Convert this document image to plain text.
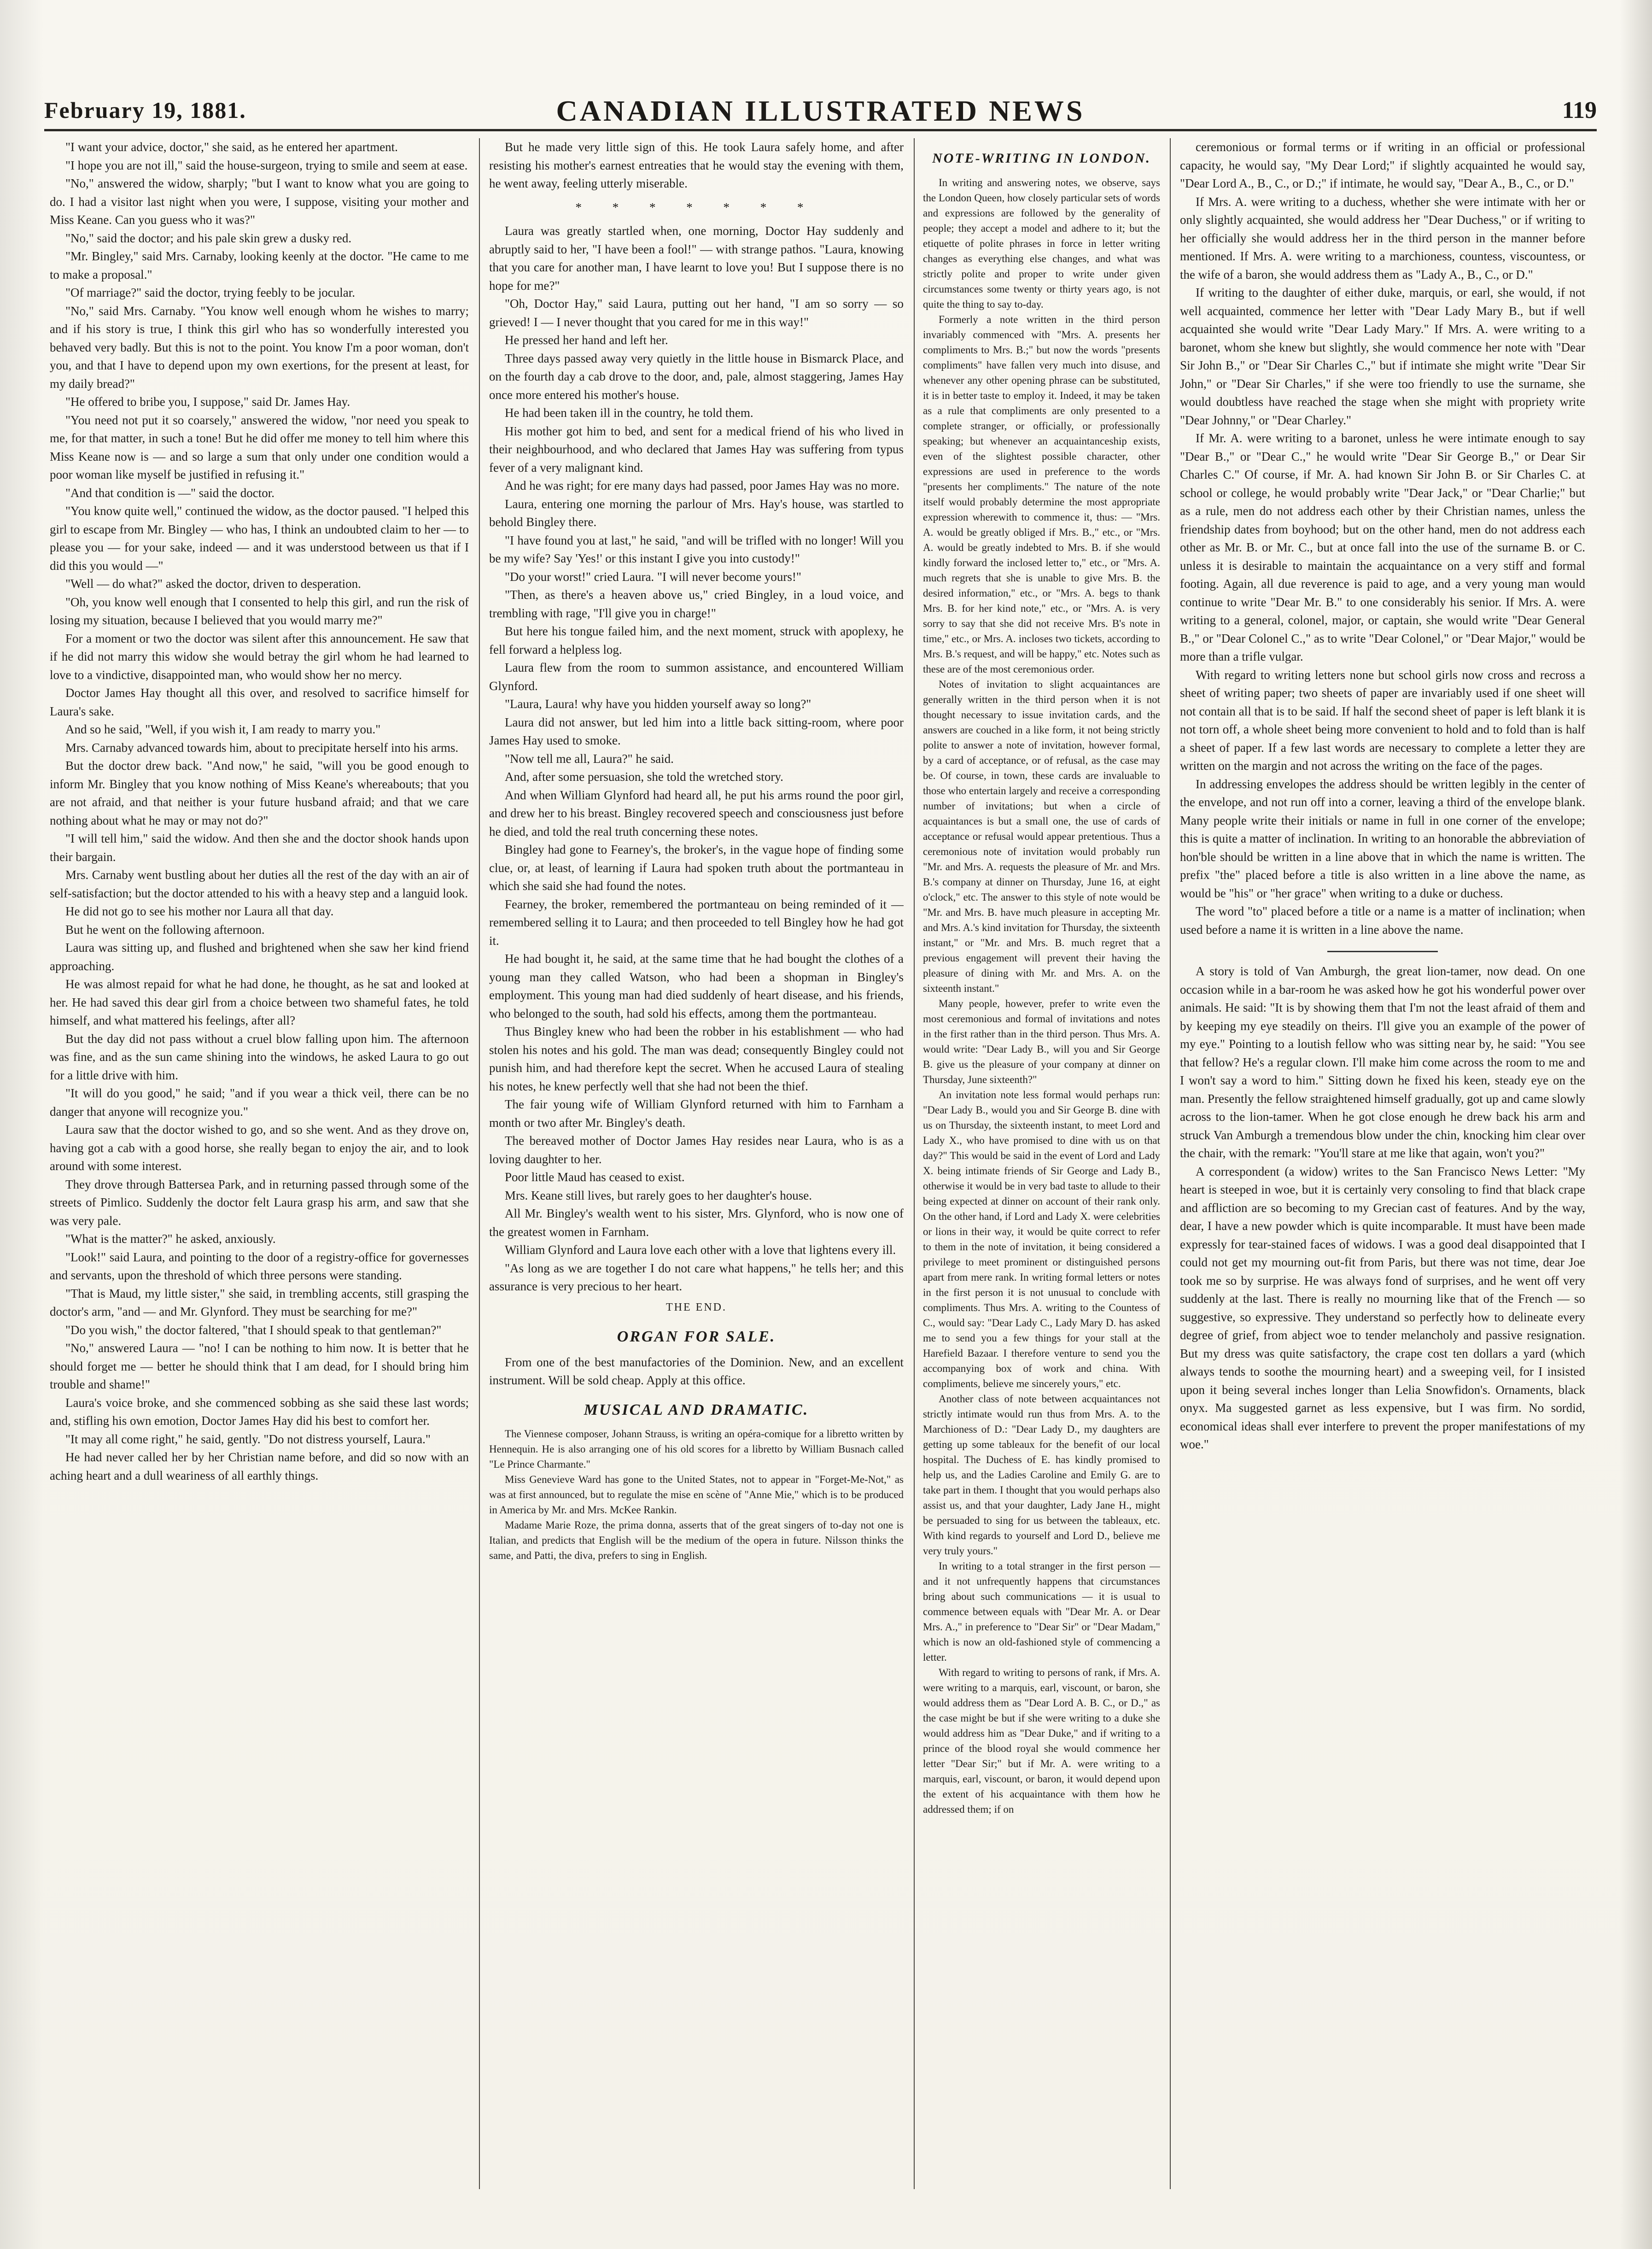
February 19, 1881.	CANADIAN ILLUSTRATED NEWS	119

"I want your advice, doctor," she said, as he entered her apartment.

"I hope you are not ill," said the house-surgeon, trying to smile and seem at ease.

"No," answered the widow, sharply; "but I want to know what you are going to do. I had a visitor last night when you were, I suppose, visiting your mother and Miss Keane. Can you guess who it was?"

"No," said the doctor; and his pale skin grew a dusky red.

"Mr. Bingley," said Mrs. Carnaby, looking keenly at the doctor. "He came to me to make a proposal."

"Of marriage?" said the doctor, trying feebly to be jocular.

"No," said Mrs. Carnaby. "You know well enough whom he wishes to marry; and if his story is true, I think this girl who has so wonderfully interested you behaved very badly. But this is not to the point. You know I'm a poor woman, don't you, and that I have to depend upon my own exertions, for the present at least, for my daily bread?"

"He offered to bribe you, I suppose," said Dr. James Hay.

"You need not put it so coarsely," answered the widow, "nor need you speak to me, for that matter, in such a tone! But he did offer me money to tell him where this Miss Keane now is — and so large a sum that only under one condition would a poor woman like myself be justified in refusing it."

"And that condition is —" said the doctor.

"You know quite well," continued the widow, as the doctor paused. "I helped this girl to escape from Mr. Bingley — who has, I think an undoubted claim to her — to please you — for your sake, indeed — and it was understood between us that if I did this you would —"

"Well — do what?" asked the doctor, driven to desperation.

"Oh, you know well enough that I consented to help this girl, and run the risk of losing my situation, because I believed that you would marry me?"

For a moment or two the doctor was silent after this announcement. He saw that if he did not marry this widow she would betray the girl whom he had learned to love to a vindictive, disappointed man, who would show her no mercy.

Doctor James Hay thought all this over, and resolved to sacrifice himself for Laura's sake.

And so he said, "Well, if you wish it, I am ready to marry you."

Mrs. Carnaby advanced towards him, about to precipitate herself into his arms.

But the doctor drew back. "And now," he said, "will you be good enough to inform Mr. Bingley that you know nothing of Miss Keane's whereabouts; that you are not afraid, and that neither is your future husband afraid; and that we care nothing about what he may or may not do?"

"I will tell him," said the widow. And then she and the doctor shook hands upon their bargain.

Mrs. Carnaby went bustling about her duties all the rest of the day with an air of self-satisfaction; but the doctor attended to his with a heavy step and a languid look.

He did not go to see his mother nor Laura all that day.

But he went on the following afternoon.

Laura was sitting up, and flushed and brightened when she saw her kind friend approaching.

He was almost repaid for what he had done, he thought, as he sat and looked at her. He had saved this dear girl from a choice between two shameful fates, he told himself, and what mattered his feelings, after all?

But the day did not pass without a cruel blow falling upon him. The afternoon was fine, and as the sun came shining into the windows, he asked Laura to go out for a little drive with him.

"It will do you good," he said; "and if you wear a thick veil, there can be no danger that anyone will recognize you."

Laura saw that the doctor wished to go, and so she went. And as they drove on, having got a cab with a good horse, she really began to enjoy the air, and to look around with some interest.

They drove through Battersea Park, and in returning passed through some of the streets of Pimlico. Suddenly the doctor felt Laura grasp his arm, and saw that she was very pale.

"What is the matter?" he asked, anxiously.

"Look!" said Laura, and pointing to the door of a registry-office for governesses and servants, upon the threshold of which three persons were standing.

"That is Maud, my little sister," she said, in trembling accents, still grasping the doctor's arm, "and — and Mr. Glynford. They must be searching for me?"

"Do you wish," the doctor faltered, "that I should speak to that gentleman?"

"No," answered Laura — "no! I can be nothing to him now. It is better that he should forget me — better he should think that I am dead, for I should bring him trouble and shame!"

Laura's voice broke, and she commenced sobbing as she said these last words; and, stifling his own emotion, Doctor James Hay did his best to comfort her.

"It may all come right," he said, gently. "Do not distress yourself, Laura."

He had never called her by her Christian name before, and did so now with an aching heart and a dull weariness of all earthly things.

But he made very little sign of this. He took Laura safely home, and after resisting his mother's earnest entreaties that he would stay the evening with them, he went away, feeling utterly miserable.

* * * * * * *

Laura was greatly startled when, one morning, Doctor Hay suddenly and abruptly said to her, "I have been a fool!" — with strange pathos. "Laura, knowing that you care for another man, I have learnt to love you! But I suppose there is no hope for me?"

"Oh, Doctor Hay," said Laura, putting out her hand, "I am so sorry — so grieved! I — I never thought that you cared for me in this way!"

He pressed her hand and left her.

Three days passed away very quietly in the little house in Bismarck Place, and on the fourth day a cab drove to the door, and, pale, almost staggering, James Hay once more entered his mother's house.

He had been taken ill in the country, he told them.

His mother got him to bed, and sent for a medical friend of his who lived in their neighbourhood, and who declared that James Hay was suffering from typus fever of a very malignant kind.

And he was right; for ere many days had passed, poor James Hay was no more.

Laura, entering one morning the parlour of Mrs. Hay's house, was startled to behold Bingley there.

"I have found you at last," he said, "and will be trifled with no longer! Will you be my wife? Say 'Yes!' or this instant I give you into custody!"

"Do your worst!" cried Laura. "I will never become yours!"

"Then, as there's a heaven above us," cried Bingley, in a loud voice, and trembling with rage, "I'll give you in charge!"

But here his tongue failed him, and the next moment, struck with apoplexy, he fell forward a helpless log.

Laura flew from the room to summon assistance, and encountered William Glynford.

"Laura, Laura! why have you hidden yourself away so long?"

Laura did not answer, but led him into a little back sitting-room, where poor James Hay used to smoke.

"Now tell me all, Laura?" he said.

And, after some persuasion, she told the wretched story.

And when William Glynford had heard all, he put his arms round the poor girl, and drew her to his breast. Bingley recovered speech and consciousness just before he died, and told the real truth concerning these notes.

Bingley had gone to Fearney's, the broker's, in the vague hope of finding some clue, or, at least, of learning if Laura had spoken truth about the portmanteau in which she said she had found the notes.

Fearney, the broker, remembered the portmanteau on being reminded of it — remembered selling it to Laura; and then proceeded to tell Bingley how he had got it.

He had bought it, he said, at the same time that he had bought the clothes of a young man they called Watson, who had been a shopman in Bingley's employment. This young man had died suddenly of heart disease, and his friends, who belonged to the south, had sold his effects, among them the portmanteau.

Thus Bingley knew who had been the robber in his establishment — who had stolen his notes and his gold. The man was dead; consequently Bingley could not punish him, and had therefore kept the secret. When he accused Laura of stealing his notes, he knew perfectly well that she had not been the thief.

The fair young wife of William Glynford returned with him to Farnham a month or two after Mr. Bingley's death.

The bereaved mother of Doctor James Hay resides near Laura, who is as a loving daughter to her.

Poor little Maud has ceased to exist.

Mrs. Keane still lives, but rarely goes to her daughter's house.

All Mr. Bingley's wealth went to his sister, Mrs. Glynford, who is now one of the greatest women in Farnham.

William Glynford and Laura love each other with a love that lightens every ill.

"As long as we are together I do not care what happens," he tells her; and this assurance is very precious to her heart.

THE END.
ORGAN FOR SALE.

From one of the best manufactories of the Dominion. New, and an excellent instrument. Will be sold cheap. Apply at this office.

MUSICAL AND DRAMATIC.

The Viennese composer, Johann Strauss, is writing an opéra-comique for a libretto written by Hennequin. He is also arranging one of his old scores for a libretto by William Busnach called "Le Prince Charmante."

Miss Genevieve Ward has gone to the United States, not to appear in "Forget-Me-Not," as was at first announced, but to regulate the mise en scène of "Anne Mie," which is to be produced in America by Mr. and Mrs. McKee Rankin.

Madame Marie Roze, the prima donna, asserts that of the great singers of to-day not one is Italian, and predicts that English will be the medium of the opera in future. Nilsson thinks the same, and Patti, the diva, prefers to sing in English.

NOTE-WRITING IN LONDON.

In writing and answering notes, we observe, says the London Queen, how closely particular sets of words and expressions are followed by the generality of people; they accept a model and adhere to it; but the etiquette of polite phrases in force in letter writing changes as everything else changes, and what was strictly polite and proper to write under given circumstances some twenty or thirty years ago, is not quite the thing to say to-day.

Formerly a note written in the third person invariably commenced with "Mrs. A. presents her compliments to Mrs. B.;" but now the words "presents compliments" have fallen very much into disuse, and whenever any other opening phrase can be substituted, it is in better taste to employ it. Indeed, it may be taken as a rule that compliments are only presented to a complete stranger, or officially, or professionally speaking; but whenever an acquaintanceship exists, even of the slightest possible character, other expressions are used in preference to the words "presents her compliments." The nature of the note itself would probably determine the most appropriate expression wherewith to commence it, thus: — "Mrs. A. would be greatly obliged if Mrs. B.," etc., or "Mrs. A. would be greatly indebted to Mrs. B. if she would kindly forward the inclosed letter to," etc., or "Mrs. A. much regrets that she is unable to give Mrs. B. the desired information," etc., or "Mrs. A. begs to thank Mrs. B. for her kind note," etc., or "Mrs. A. is very sorry to say that she did not receive Mrs. B's note in time," etc., or Mrs. A. incloses two tickets, according to Mrs. B.'s request, and will be happy," etc. Notes such as these are of the most ceremonious order.

Notes of invitation to slight acquaintances are generally written in the third person when it is not thought necessary to issue invitation cards, and the answers are couched in a like form, it not being strictly polite to answer a note of invitation, however formal, by a card of acceptance, or of refusal, as the case may be. Of course, in town, these cards are invaluable to those who entertain largely and receive a corresponding number of invitations; but when a circle of acquaintances is but a small one, the use of cards of acceptance or refusal would appear pretentious. Thus a ceremonious note of invitation would probably run "Mr. and Mrs. A. requests the pleasure of Mr. and Mrs. B.'s company at dinner on Thursday, June 16, at eight o'clock," etc. The answer to this style of note would be "Mr. and Mrs. B. have much pleasure in accepting Mr. and Mrs. A.'s kind invitation for Thursday, the sixteenth instant," or "Mr. and Mrs. B. much regret that a previous engagement will prevent their having the pleasure of dining with Mr. and Mrs. A. on the sixteenth instant."

Many people, however, prefer to write even the most ceremonious and formal of invitations and notes in the first rather than in the third person. Thus Mrs. A. would write: "Dear Lady B., will you and Sir George B. give us the pleasure of your company at dinner on Thursday, June sixteenth?"

An invitation note less formal would perhaps run: "Dear Lady B., would you and Sir George B. dine with us on Thursday, the sixteenth instant, to meet Lord and Lady X., who have promised to dine with us on that day?" This would be said in the event of Lord and Lady X. being intimate friends of Sir George and Lady B., otherwise it would be in very bad taste to allude to their being expected at dinner on account of their rank only. On the other hand, if Lord and Lady X. were celebrities or lions in their way, it would be quite correct to refer to them in the note of invitation, it being considered a privilege to meet prominent or distinguished persons apart from mere rank. In writing formal letters or notes in the first person it is not unusual to conclude with compliments. Thus Mrs. A. writing to the Countess of C., would say: "Dear Lady C., Lady Mary D. has asked me to send you a few things for your stall at the Harefield Bazaar. I therefore venture to send you the accompanying box of work and china. With compliments, believe me sincerely yours," etc.

Another class of note between acquaintances not strictly intimate would run thus from Mrs. A. to the Marchioness of D.: "Dear Lady D., my daughters are getting up some tableaux for the benefit of our local hospital. The Duchess of E. has kindly promised to help us, and the Ladies Caroline and Emily G. are to take part in them. I thought that you would perhaps also assist us, and that your daughter, Lady Jane H., might be persuaded to sing for us between the tableaux, etc. With kind regards to yourself and Lord D., believe me very truly yours."

In writing to a total stranger in the first person — and it not unfrequently happens that circumstances bring about such communications — it is usual to commence between equals with "Dear Mr. A. or Dear Mrs. A.," in preference to "Dear Sir" or "Dear Madam," which is now an old-fashioned style of commencing a letter.

With regard to writing to persons of rank, if Mrs. A. were writing to a marquis, earl, viscount, or baron, she would address them as "Dear Lord A. B. C., or D.," as the case might be but if she were writing to a duke she would address him as "Dear Duke," and if writing to a prince of the blood royal she would commence her letter "Dear Sir;" but if Mr. A. were writing to a marquis, earl, viscount, or baron, it would depend upon the extent of his acquaintance with them how he addressed them; if on

ceremonious or formal terms or if writing in an official or professional capacity, he would say, "My Dear Lord;" if slightly acquainted he would say, "Dear Lord A., B., C., or D.;" if intimate, he would say, "Dear A., B., C., or D."

If Mrs. A. were writing to a duchess, whether she were intimate with her or only slightly acquainted, she would address her "Dear Duchess," or if writing to her officially she would address her in the third person in the manner before mentioned. If Mrs. A. were writing to a marchioness, countess, viscountess, or the wife of a baron, she would address them as "Lady A., B., C., or D."

If writing to the daughter of either duke, marquis, or earl, she would, if not well acquainted, commence her letter with "Dear Lady Mary B., but if well acquainted she would write "Dear Lady Mary." If Mrs. A. were writing to a baronet, whom she knew but slightly, she would commence her note with "Dear Sir John B.," or "Dear Sir Charles C.," but if intimate she might write "Dear Sir John," or "Dear Sir Charles," if she were too friendly to use the surname, she would doubtless have reached the stage when she might with propriety write "Dear Johnny," or "Dear Charley."

If Mr. A. were writing to a baronet, unless he were intimate enough to say "Dear B.," or "Dear C.," he would write "Dear Sir George B.," or Dear Sir Charles C." Of course, if Mr. A. had known Sir John B. or Sir Charles C. at school or college, he would probably write "Dear Jack," or "Dear Charlie;" but as a rule, men do not address each other by their Christian names, unless the friendship dates from boyhood; but on the other hand, men do not address each other as Mr. B. or Mr. C., but at once fall into the use of the surname B. or C. unless it is desirable to maintain the acquaintance on a very stiff and formal footing. Again, all due reverence is paid to age, and a very young man would continue to write "Dear Mr. B." to one considerably his senior. If Mrs. A. were writing to a general, colonel, major, or captain, she would write "Dear General B.," or "Dear Colonel C.," as to write "Dear Colonel," or "Dear Major," would be more than a trifle vulgar.

With regard to writing letters none but school girls now cross and recross a sheet of writing paper; two sheets of paper are invariably used if one sheet will not contain all that is to be said. If half the second sheet of paper is left blank it is not torn off, a whole sheet being more convenient to hold and to fold than is half a sheet of paper. If a few last words are necessary to complete a letter they are written on the margin and not across the writing on the face of the pages.

In addressing envelopes the address should be written legibly in the center of the envelope, and not run off into a corner, leaving a third of the envelope blank. Many people write their initials or name in full in one corner of the envelope; this is quite a matter of inclination. In writing to an honorable the abbreviation of hon'ble should be written in a line above that in which the name is written. The prefix "the" placed before a title is also written in a line above the name, as would be "his" or "her grace" when writing to a duke or duchess.

The word "to" placed before a title or a name is a matter of inclination; when used before a name it is written in a line above the name.

A story is told of Van Amburgh, the great lion-tamer, now dead. On one occasion while in a bar-room he was asked how he got his wonderful power over animals. He said: "It is by showing them that I'm not the least afraid of them and by keeping my eye steadily on theirs. I'll give you an example of the power of my eye." Pointing to a loutish fellow who was sitting near by, he said: "You see that fellow? He's a regular clown. I'll make him come across the room to me and I won't say a word to him." Sitting down he fixed his keen, steady eye on the man. Presently the fellow straightened himself gradually, got up and came slowly across to the lion-tamer. When he got close enough he drew back his arm and struck Van Amburgh a tremendous blow under the chin, knocking him clear over the chair, with the remark: "You'll stare at me like that again, won't you?"

A correspondent (a widow) writes to the San Francisco News Letter: "My heart is steeped in woe, but it is certainly very consoling to find that black crape and affliction are so becoming to my Grecian cast of features. And by the way, dear, I have a new powder which is quite incomparable. It must have been made expressly for tear-stained faces of widows. I was a good deal disappointed that I could not get my mourning out-fit from Paris, but there was not time, dear Joe took me so by surprise. He was always fond of surprises, and he went off very suddenly at the last. There is really no mourning like that of the French — so suggestive, so expressive. They understand so perfectly how to delineate every degree of grief, from abject woe to tender melancholy and passive resignation. But my dress was quite satisfactory, the crape cost ten dollars a yard (which always tends to soothe the mourning heart) and a sweeping veil, for I insisted upon it being several inches longer than Lelia Snowfidon's. Ornaments, black onyx. Ma suggested garnet as less expensive, but I was firm. No sordid, economical ideas shall ever interfere to prevent the proper manifestations of my woe."
